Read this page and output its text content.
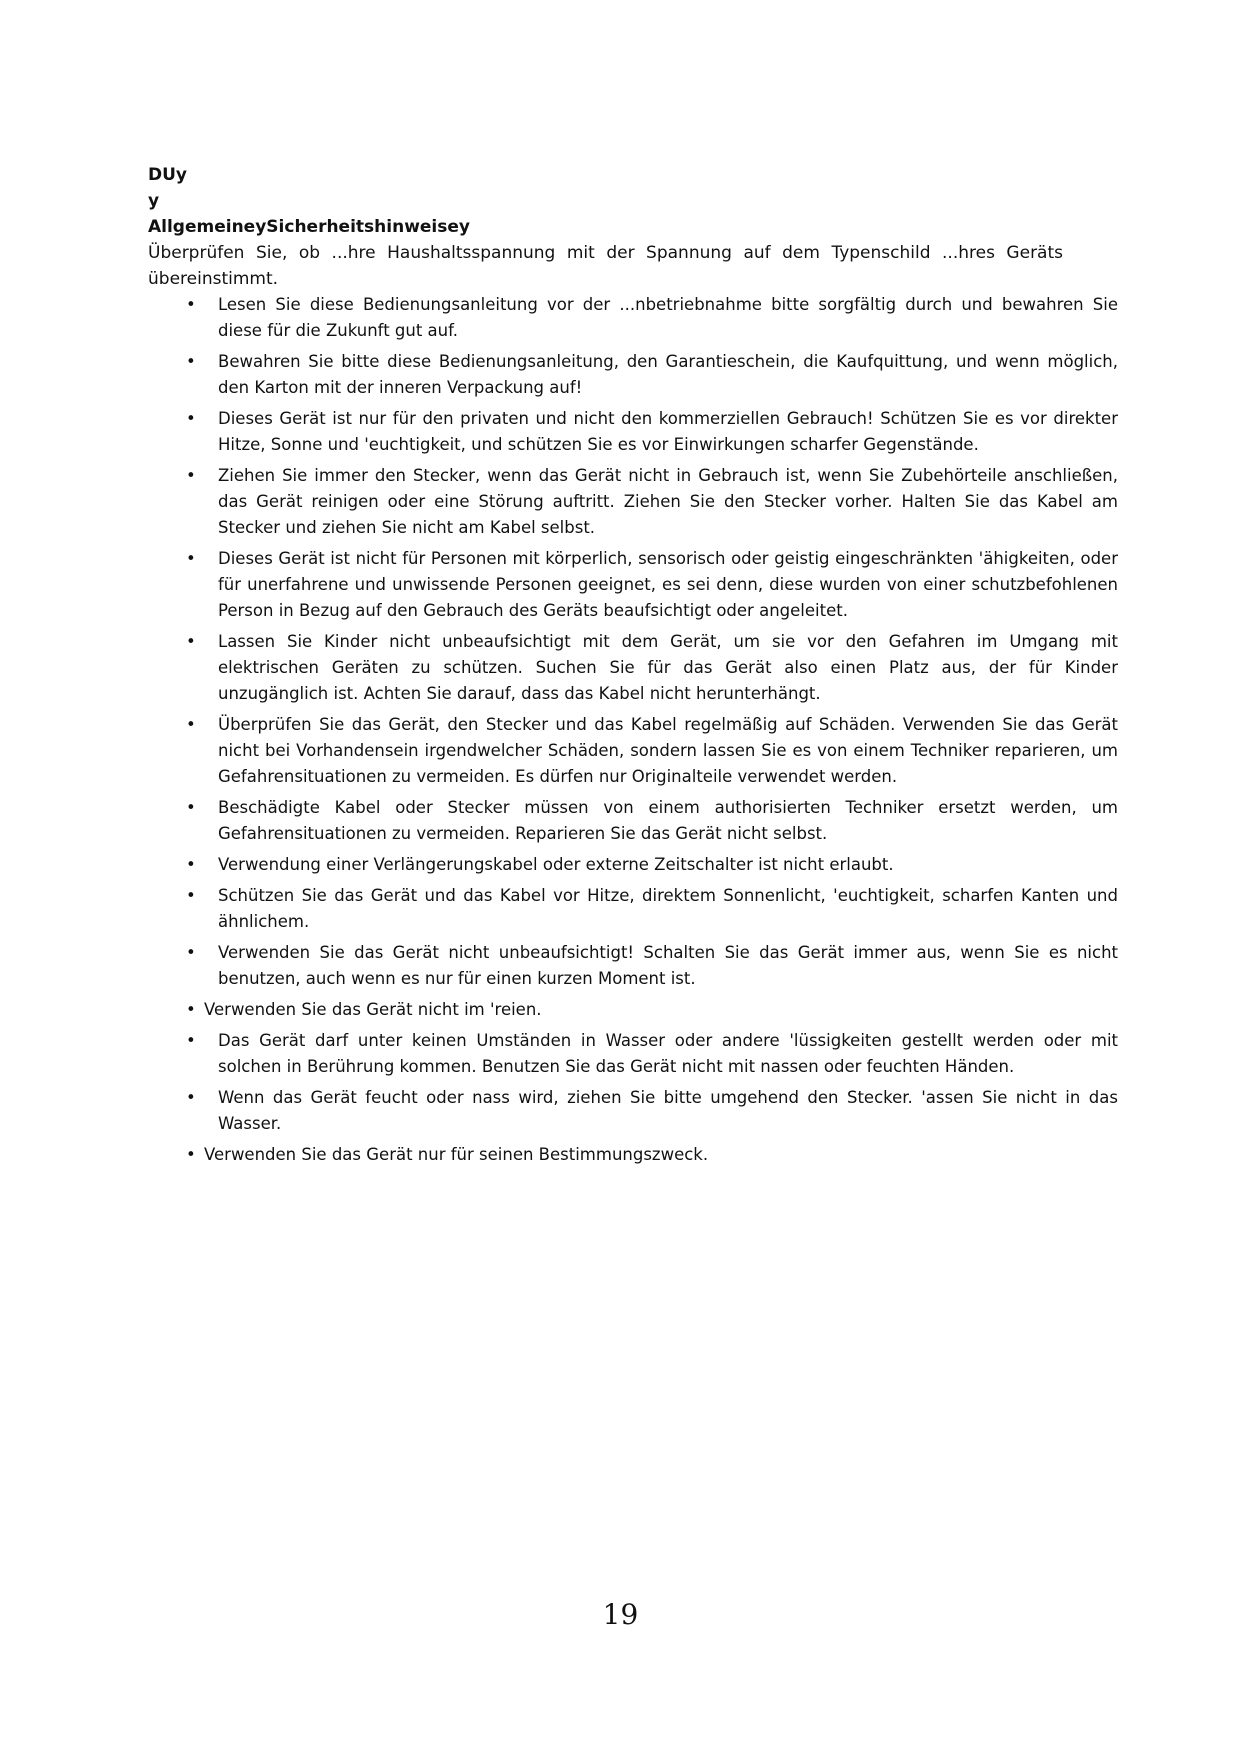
DUy
y
AllgemeineySicherheitshinweisey
Überprüfen Sie, ob ...hre Haushaltsspannung mit der Spannung auf dem Typenschild ...hres Geräts übereinstimmt.
• Lesen Sie diese Bedienungsanleitung vor der ...nbetriebnahme bitte sorgfältig durch und bewahren Sie diese für die Zukunft gut auf.
• Bewahren Sie bitte diese Bedienungsanleitung, den Garantieschein, die Kaufquittung, und wenn möglich, den Karton mit der inneren Verpackung auf!
• Dieses Gerät ist nur für den privaten und nicht den kommerziellen Gebrauch! Schützen Sie es vor direkter Hitze, Sonne und 'euchtigkeit, und schützen Sie es vor Einwirkungen scharfer Gegenstände.
• Ziehen Sie immer den Stecker, wenn das Gerät nicht in Gebrauch ist, wenn Sie Zubehörteile anschließen, das Gerät reinigen oder eine Störung auftritt. Ziehen Sie den Stecker vorher. Halten Sie das Kabel am Stecker und ziehen Sie nicht am Kabel selbst.
• Dieses Gerät ist nicht für Personen mit körperlich, sensorisch oder geistig eingeschränkten 'ähigkeiten, oder für unerfahrene und unwissende Personen geeignet, es sei denn, diese wurden von einer schutzbefohlenen Person in Bezug auf den Gebrauch des Geräts beaufsichtigt oder angeleitet.
• Lassen Sie Kinder nicht unbeaufsichtigt mit dem Gerät, um sie vor den Gefahren im Umgang mit elektrischen Geräten zu schützen. Suchen Sie für das Gerät also einen Platz aus, der für Kinder unzugänglich ist. Achten Sie darauf, dass das Kabel nicht herunterhängt.
• Überprüfen Sie das Gerät, den Stecker und das Kabel regelmäßig auf Schäden. Verwenden Sie das Gerät nicht bei Vorhandensein irgendwelcher Schäden, sondern lassen Sie es von einem Techniker reparieren, um Gefahrensituationen zu vermeiden. Es dürfen nur Originalteile verwendet werden.
• Beschädigte Kabel oder Stecker müssen von einem authorisierten Techniker ersetzt werden, um Gefahrensituationen zu vermeiden. Reparieren Sie das Gerät nicht selbst.
• Verwendung einer Verlängerungskabel oder externe Zeitschalter ist nicht erlaubt.
• Schützen Sie das Gerät und das Kabel vor Hitze, direktem Sonnenlicht, 'euchtigkeit, scharfen Kanten und ähnlichem.
• Verwenden Sie das Gerät nicht unbeaufsichtigt! Schalten Sie das Gerät immer aus, wenn Sie es nicht benutzen, auch wenn es nur für einen kurzen Moment ist.
• Verwenden Sie das Gerät nicht im 'reien.
• Das Gerät darf unter keinen Umständen in Wasser oder andere 'lüssigkeiten gestellt werden oder mit solchen in Berührung kommen. Benutzen Sie das Gerät nicht mit nassen oder feuchten Händen.
• Wenn das Gerät feucht oder nass wird, ziehen Sie bitte umgehend den Stecker. 'assen Sie nicht in das Wasser.
• Verwenden Sie das Gerät nur für seinen Bestimmungszweck.
19
